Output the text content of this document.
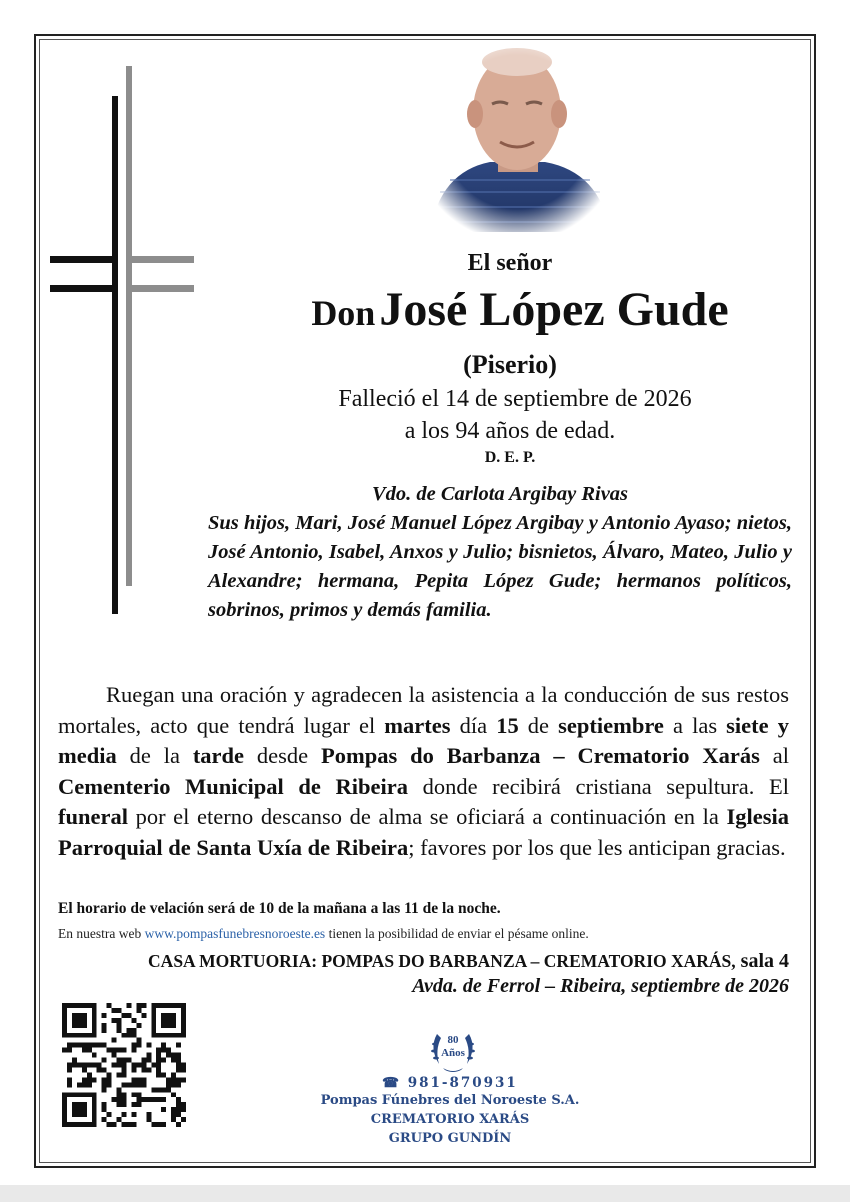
El señor
Don José López Gude
(Piserio)
Falleció el 14 de septiembre de 2026
a los 94 años de edad.
D. E. P.
Vdo. de Carlota Argibay Rivas
Sus hijos, Mari, José Manuel López Argibay y Antonio Ayaso; nietos, José Antonio, Isabel, Anxos y Julio; bisnietos, Álvaro, Mateo, Julio y Alexandre; hermana, Pepita López Gude; hermanos políticos, sobrinos, primos y demás familia.

Ruegan una oración y agradecen la asistencia a la conducción de sus restos mortales, acto que tendrá lugar el martes día 15 de septiembre a las siete y media de la tarde desde Pompas do Barbanza – Crematorio Xarás al Cementerio Municipal de Ribeira donde recibirá cristiana sepultura. El funeral por el eterno descanso de alma se oficiará a continuación en la Iglesia Parroquial de Santa Uxía de Ribeira; favores por los que les anticipan gracias.

El horario de velación será de 10 de la mañana a las 11 de la noche.
En nuestra web www.pompasfunebresnoroeste.es tienen la posibilidad de enviar el pésame online.
CASA MORTUORIA: POMPAS DO BARBANZA – CREMATORIO XARÁS, sala 4
Avda. de Ferrol – Ribeira, septiembre de 2026
80
Años
☎ 981-870931
Pompas Fúnebres del Noroeste S.A.
CREMATORIO XARÁS
GRUPO GUNDÍN
